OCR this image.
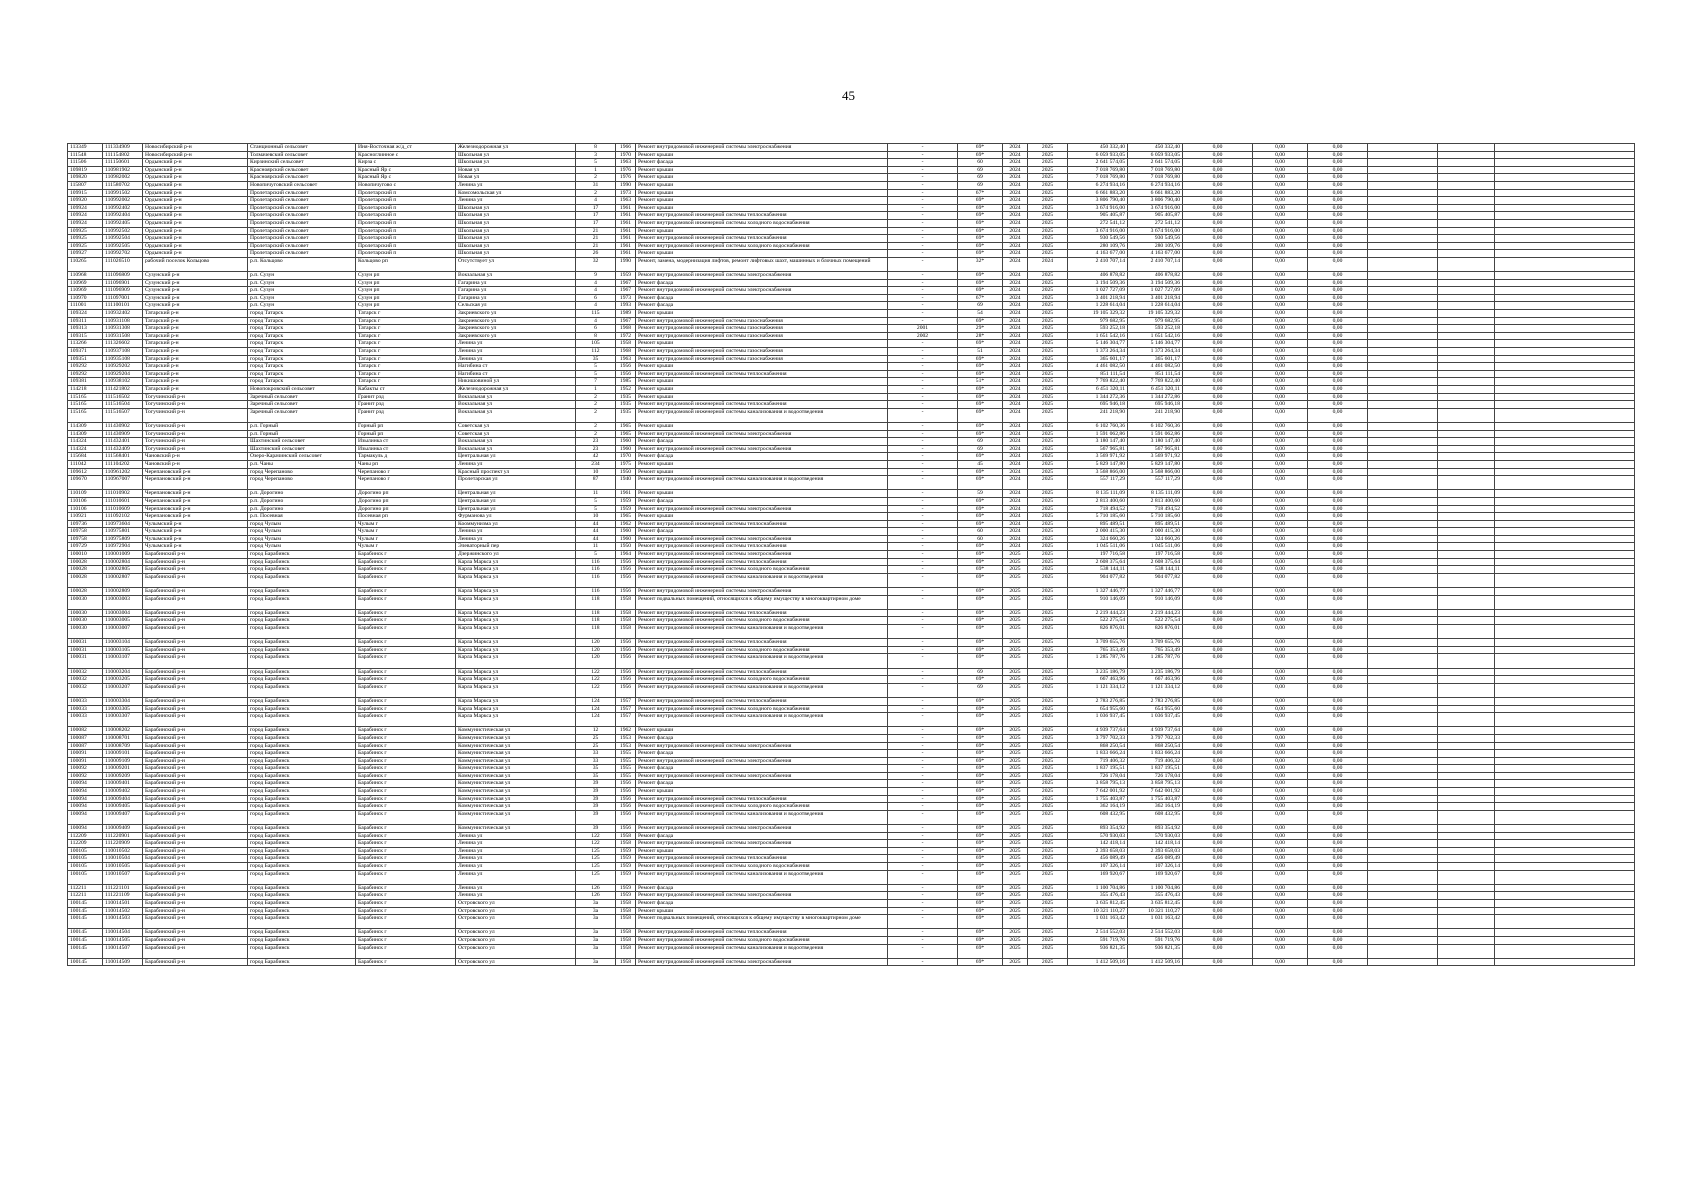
45
113349	111334909	Новосибирский р-н	Станционный сельсовет	Иня-Восточная ж/д_ст	Железнодорожная ул	8	1966	Ремонт внутридомовой инженерной системы электроснабжения	-	69*	2024	2025	450 332,40	450 332,40	0,00	0,00	0,00			
111548	111154802	Новосибирский р-н	Толмачевский сельсовет	Красноглинное с	Школьная ул	3	1970	Ремонт крыши	-	69*	2024	2025	6 059 933,05	6 059 933,05	0,00	0,00	0,00			
111506	111150601	Ордынский р-н	Кирзинский сельсовет	Кирза с	Школьная ул	5	1963	Ремонт фасада	-	60	2024	2025	2 641 574,05	2 641 574,05	0,00	0,00	0,00			
109819	110981902	Ордынский р-н	Красноярский сельсовет	Красный Яр с	Новая ул	1	1976	Ремонт крыши	-	69	2024	2025	7 018 769,80	7 018 769,80	0,00	0,00	0,00			
109820	110982002	Ордынский р-н	Красноярский сельсовет	Красный Яр с	Новая ул	2	1976	Ремонт крыши	-	69	2024	2025	7 018 769,80	7 018 769,80	0,00	0,00	0,00			
115807	111580702	Ордынский р-н	Новопичуговский сельсовет	Новопичугово с	Ленина ул	31	1990	Ремонт крыши	-	69	2024	2025	6 274 934,16	6 274 934,16	0,00	0,00	0,00			
109915	110991502	Ордынский р-н	Пролетарский сельсовет	Пролетарский п	Комсомольская ул	2	1973	Ремонт крыши	-	67*	2024	2025	6 661 883,20	6 661 883,20	0,00	0,00	0,00			
109920	110992002	Ордынский р-н	Пролетарский сельсовет	Пролетарский п	Ленина ул	4	1963	Ремонт крыши	-	69*	2024	2025	3 806 790,40	3 806 790,40	0,00	0,00	0,00			
109924	110992402	Ордынский р-н	Пролетарский сельсовет	Пролетарский п	Школьная ул	17	1961	Ремонт крыши	-	69*	2024	2025	3 674 916,00	3 674 916,00	0,00	0,00	0,00			
109924	110992404	Ордынский р-н	Пролетарский сельсовет	Пролетарский п	Школьная ул	17	1961	Ремонт внутридомовой инженерной системы теплоснабжения	-	69*	2024	2025	905 405,87	905 405,87	0,00	0,00	0,00			
109924	110992405	Ордынский р-н	Пролетарский сельсовет	Пролетарский п	Школьная ул	17	1961	Ремонт внутридомовой инженерной системы холодного водоснабжения	-	69*	2024	2025	272 541,12	272 541,12	0,00	0,00	0,00			
109925	110992502	Ордынский р-н	Пролетарский сельсовет	Пролетарский п	Школьная ул	21	1961	Ремонт крыши	-	69*	2024	2025	3 674 916,00	3 674 916,00	0,00	0,00	0,00			
109925	110992504	Ордынский р-н	Пролетарский сельсовет	Пролетарский п	Школьная ул	21	1961	Ремонт внутридомовой инженерной системы теплоснабжения	-	69*	2024	2025	930 549,56	930 549,56	0,00	0,00	0,00			
109925	110992505	Ордынский р-н	Пролетарский сельсовет	Пролетарский п	Школьная ул	21	1961	Ремонт внутридомовой инженерной системы холодного водоснабжения	-	69*	2024	2025	280 109,76	280 109,76	0,00	0,00	0,00			
109927	110992702	Ордынский р-н	Пролетарский сельсовет	Пролетарский п	Школьная ул	26	1961	Ремонт крыши	-	69*	2024	2025	4 163 677,00	4 163 677,00	0,00	0,00	0,00			
110265	111026510	рабочий поселок Кольцово	р.п. Кольцово	Кольцово рп	Отсутствует ул	32	1990	Ремонт, замена, модернизация лифтов, ремонт лифтовых шахт, машинных и блочных помещений	-	32*	2024	2024	2 410 707,14	2 410 707,14	0,00	0,00	0,00			
110968	111096809	Сузунский р-н	р.п. Сузун	Сузун рп	Вокзальная ул	9	1959	Ремонт внутридомовой инженерной системы электроснабжения	-	69*	2024	2025	406 878,82	406 878,82	0,00	0,00	0,00			
110969	111096901	Сузунский р-н	р.п. Сузун	Сузун рп	Гагарина ул	4	1967	Ремонт фасада	-	69*	2024	2025	3 194 509,36	3 194 509,36	0,00	0,00	0,00			
110969	111096909	Сузунский р-н	р.п. Сузун	Сузун рп	Гагарина ул	4	1967	Ремонт внутридомовой инженерной системы электроснабжения	-	69*	2024	2025	1 027 727,09	1 027 727,09	0,00	0,00	0,00			
110970	111097001	Сузунский р-н	р.п. Сузун	Сузун рп	Гагарина ул	6	1973	Ремонт фасада	-	67*	2024	2025	3 401 218,94	3 401 218,94	0,00	0,00	0,00			
111001	111100101	Сузунский р-н	р.п. Сузун	Сузун рп	Сельская ул	4	1993	Ремонт фасада	-	69	2024	2025	1 228 614,04	1 228 614,04	0,00	0,00	0,00			
109324	110932402	Татарский р-н	город Татарск	Татарск г	Закриевского ул	115	1989	Ремонт крыши	-	54	2024	2025	19 105 329,32	19 105 329,32	0,00	0,00	0,00			
109311	110931108	Татарский р-н	город Татарск	Татарск г	Закриевского ул	4	1967	Ремонт внутридомовой инженерной системы газоснабжения	-	69*	2024	2025	979 682,95	979 682,95	0,00	0,00	0,00			
109313	110931308	Татарский р-н	город Татарск	Татарск г	Закриевского ул	6	1968	Ремонт внутридомовой инженерной системы газоснабжения	2001	29*	2024	2025	593 252,18	593 252,18	0,00	0,00	0,00			
109315	110931508	Татарский р-н	город Татарск	Татарск г	Закриевского ул	8	1972	Ремонт внутридомовой инженерной системы газоснабжения	2002	28*	2024	2025	1 651 542,16	1 651 542,16	0,00	0,00	0,00			
113266	111326602	Татарский р-н	город Татарск	Татарск г	Ленина ул	105	1958	Ремонт крыши	-	69*	2024	2025	5 146 304,77	5 146 304,77	0,00	0,00	0,00			
109371	110937108	Татарский р-н	город Татарск	Татарск г	Ленина ул	112	1968	Ремонт внутридомовой инженерной системы газоснабжения	-	51	2024	2025	1 373 264,34	1 373 264,34	0,00	0,00	0,00			
109351	110935108	Татарский р-н	город Татарск	Татарск г	Ленина ул	35	1963	Ремонт внутридомовой инженерной системы газоснабжения	-	69*	2024	2025	365 601,17	365 601,17	0,00	0,00	0,00			
109292	110929202	Татарский р-н	город Татарск	Татарск г	Нагибина ст	5	1956	Ремонт крыши	-	69*	2024	2025	4 461 082,50	4 461 082,50	0,00	0,00	0,00			
109292	110929204	Татарский р-н	город Татарск	Татарск г	Нагибина ст	5	1956	Ремонт внутридомовой инженерной системы теплоснабжения	-	69*	2024	2025	851 111,54	851 111,54	0,00	0,00	0,00			
109381	110938102	Татарский р-н	город Татарск	Татарск г	Никишовиной ул	7	1985	Ремонт крыши	-	51*	2024	2025	7 769 822,40	7 769 822,40	0,00	0,00	0,00			
114218	111421802	Татарский р-н	Новопокровский сельсовет	Кабакты ст	Железнодорожная ул	1	1952	Ремонт крыши	-	69*	2024	2025	6 451 320,11	6 451 320,11	0,00	0,00	0,00			
115165	111516502	Тогучинский р-н	Заречный сельсовет	Гранит рзд	Вокзальная ул	2	1935	Ремонт крыши	-	69*	2024	2025	1 344 272,36	1 344 272,86	0,00	0,00	0,00			
115165	111516504	Тогучинский р-н	Заречный сельсовет	Гранит рзд	Вокзальная ул	2	1935	Ремонт внутридомовой инженерной системы теплоснабжения	-	69*	2024	2025	695 946,18	695 946,18	0,00	0,00	0,00			
115165	111516507	Тогучинский р-н	Заречный сельсовет	Гранит рзд	Вокзальная ул	2	1935	Ремонт внутридомовой инженерной системы канализования и водоотведения	-	69*	2024	2025	241 218,90	241 218,90	0,00	0,00	0,00			
114309	111430902	Тогучинский р-н	р.п. Горный	Горный рп	Советская ул	2	1965	Ремонт крыши	-	69*	2024	2025	6 102 760,36	6 102 760,36	0,00	0,00	0,00			
114309	111430909	Тогучинский р-н	р.п. Горный	Горный рп	Советская ул	2	1965	Ремонт внутридомовой инженерной системы электроснабжения	-	69*	2024	2025	1 591 062,86	1 591 062,86	0,00	0,00	0,00			
114324	111432401	Тогучинский р-н	Шахтинский сельсовет	Изылинка ст	Вокзальная ул	23	1960	Ремонт фасада	-	69	2024	2025	3 180 147,40	3 180 147,40	0,00	0,00	0,00			
114324	111432409	Тогучинский р-н	Шахтинский сельсовет	Изылинка ст	Вокзальная ул	23	1960	Ремонт внутридомовой инженерной системы электроснабжения	-	69	2024	2025	567 965,81	567 965,81	0,00	0,00	0,00			
115684	111568401	Чановский р-н	Озеро-Карачинский сельсовет	Тармакуль д	Центральная ул	42	1970	Ремонт фасада	-	69*	2024	2025	3 569 971,92	3 569 971,92	0,00	0,00	0,00			
111042	111104202	Чановский р-н	р.п. Чаны	Чаны рп	Ленина ул	234	1975	Ремонт крыши	-	45	2024	2025	5 829 147,80	5 829 147,80	0,00	0,00	0,00			
109612	110961202	Черепановский р-н	город Черепаново	Черепаново г	Красный проспект ул	10	1950	Ремонт крыши	-	69*	2024	2025	3 568 866,00	3 568 866,00	0,00	0,00	0,00			
109670	110967007	Черепановский р-н	город Черепаново	Черепаново г	Пролетарская ул	87	1940	Ремонт внутридомовой инженерной системы канализования и водоотведения	-	69*	2024	2025	557 117,29	557 117,29	0,00	0,00	0,00			
110109	111010902	Черепановский р-н	р.п. Дорогино	Дорогино рп	Центральная ул	11	1961	Ремонт крыши	-	59	2024	2025	8 135 111,09	8 135 111,09	0,00	0,00	0,00			
110106	111010601	Черепановский р-н	р.п. Дорогино	Дорогино рп	Центральная ул	5	1959	Ремонт фасада	-	69*	2024	2025	2 813 400,60	2 813 400,60	0,00	0,00	0,00			
110106	111010609	Черепановский р-н	р.п. Дорогино	Дорогино рп	Центральная ул	5	1959	Ремонт внутридомовой инженерной системы электроснабжения	-	69*	2024	2025	718 494,52	718 494,52	0,00	0,00	0,00			
110921	111092102	Черепановский р-н	р.п. Посевная	Посевная рп	Фурманова ул	10	1965	Ремонт крыши	-	69*	2024	2025	5 710 185,60	5 710 185,60	0,00	0,00	0,00			
109736	110973604	Чулымский р-н	город Чулым	Чулым г	Кооммунизма ул	44	1962	Ремонт внутридомовой инженерной системы теплоснабжения	-	69*	2024	2025	895 489,51	895 489,51	0,00	0,00	0,00			
109758	110975801	Чулымский р-н	город Чулым	Чулым г	Ленина ул	44	1960	Ремонт фасада	-	60	2024	2025	2 000 415,30	2 000 415,30	0,00	0,00	0,00			
109758	110975809	Чулымский р-н	город Чулым	Чулым г	Ленина ул	44	1960	Ремонт внутридомовой инженерной системы электроснабжения	-	60	2024	2025	324 660,26	324 660,26	0,00	0,00	0,00			
109729	110972904	Чулымский р-н	город Чулым	Чулым г	Элеваторный пер	11	1950	Ремонт внутридомовой инженерной системы теплоснабжения	-	69*	2024	2025	1 045 511,06	1 045 511,06	0,00	0,00	0,00			
100010	110001009	Барабинский р-н	город Барабинск	Барабинск г	Дзержинского ул	5	1964	Ремонт внутридомовой инженерной системы электроснабжения	-	69*	2025	2025	197 716,58	197 716,58	0,00	0,00	0,00			
100028	110002804	Барабинский р-н	город Барабинск	Барабинск г	Карла Маркса ул	116	1956	Ремонт внутридомовой инженерной системы теплоснабжения	-	69*	2025	2025	2 608 375,64	2 608 375,64	0,00	0,00	0,00			
100028	110002805	Барабинский р-н	город Барабинск	Барабинск г	Карла Маркса ул	116	1956	Ремонт внутридомовой инженерной системы холодного водоснабжения	-	69*	2025	2025	538 144,11	538 144,11	0,00	0,00	0,00			
100028	110002807	Барабинский р-н	город Барабинск	Барабинск г	Карла Маркса ул	116	1956	Ремонт внутридомовой инженерной системы канализования и водоотведения	-	69*	2025	2025	904 077,82	904 077,82	0,00	0,00	0,00			
100028	110002809	Барабинский р-н	город Барабинск	Барабинск г	Карла Маркса ул	116	1956	Ремонт внутридомовой инженерной системы электроснабжения	-	69*	2025	2025	1 327 446,77	1 327 446,77	0,00	0,00	0,00			
100030	110003003	Барабинский р-н	город Барабинск	Барабинск г	Карла Маркса ул	118	1958	Ремонт подвальных помещений, относящихся к общему имуществу в многоквартирном доме	-	69*	2025	2025	910 146,09	910 146,09	0,00	0,00	0,00			
100030	110003004	Барабинский р-н	город Барабинск	Барабинск г	Карла Маркса ул	118	1958	Ремонт внутридомовой инженерной системы теплоснабжения	-	69*	2025	2025	2 219 444,23	2 219 444,23	0,00	0,00	0,00			
100030	110003005	Барабинский р-н	город Барабинск	Барабинск г	Карла Маркса ул	118	1958	Ремонт внутридомовой инженерной системы холодного водоснабжения	-	69*	2025	2025	522 275,54	522 275,54	0,00	0,00	0,00			
100030	110003007	Барабинский р-н	город Барабинск	Барабинск г	Карла Маркса ул	118	1958	Ремонт внутридомовой инженерной системы канализования и водоотведения	-	69*	2025	2025	826 876,01	826 876,01	0,00	0,00	0,00			
100031	110003104	Барабинский р-н	город Барабинск	Барабинск г	Карла Маркса ул	120	1956	Ремонт внутридомовой инженерной системы теплоснабжения	-	69*	2025	2025	3 709 655,76	3 709 655,76	0,00	0,00	0,00			
100031	110003105	Барабинский р-н	город Барабинск	Барабинск г	Карла Маркса ул	120	1956	Ремонт внутридомовой инженерной системы холодного водоснабжения	-	69*	2025	2025	765 353,49	765 353,49	0,00	0,00	0,00			
100031	110003107	Барабинский р-н	город Барабинск	Барабинск г	Карла Маркса ул	120	1956	Ремонт внутридомовой инженерной системы канализования и водоотведения	-	69*	2025	2025	1 285 787,76	1 285 787,76	0,00	0,00	0,00			
100032	110003204	Барабинский р-н	город Барабинск	Барабинск г	Карла Маркса ул	122	1956	Ремонт внутридомовой инженерной системы теплоснабжения	-	69	2025	2025	3 235 186,79	3 235 186,79	0,00	0,00	0,00			
100032	110003205	Барабинский р-н	город Барабинск	Барабинск г	Карла Маркса ул	122	1956	Ремонт внутридомовой инженерной системы холодного водоснабжения	-	69*	2025	2025	667 463,96	667 463,96	0,00	0,00	0,00			
100032	110003207	Барабинский р-н	город Барабинск	Барабинск г	Карла Маркса ул	122	1956	Ремонт внутридомовой инженерной системы канализования и водоотведения	-	69	2025	2025	1 121 334,12	1 121 334,12	0,00	0,00	0,00			
100033	110003304	Барабинский р-н	город Барабинск	Барабинск г	Карла Маркса ул	124	1957	Ремонт внутридомовой инженерной системы теплоснабжения	-	69*	2025	2025	2 783 276,85	2 783 276,85	0,00	0,00	0,00			
100033	110003305	Барабинский р-н	город Барабинск	Барабинск г	Карла Маркса ул	124	1957	Ремонт внутридомовой инженерной системы холодного водоснабжения	-	69*	2025	2025	654 955,60	654 955,60	0,00	0,00	0,00			
100033	110003307	Барабинский р-н	город Барабинск	Барабинск г	Карла Маркса ул	124	1957	Ремонт внутридомовой инженерной системы канализования и водоотведения	-	69*	2025	2025	1 036 937,45	1 036 937,45	0,00	0,00	0,00			
100082	110008202	Барабинский р-н	город Барабинск	Барабинск г	Коммунистическая ул	12	1962	Ремонт крыши	-	69*	2025	2025	4 939 737,64	4 939 737,64	0,00	0,00	0,00			
100087	110008701	Барабинский р-н	город Барабинск	Барабинск г	Коммунистическая ул	25	1953	Ремонт фасада	-	69*	2025	2025	3 797 702,33	3 797 702,33	0,00	0,00	0,00			
100087	110008709	Барабинский р-н	город Барабинск	Барабинск г	Коммунистическая ул	25	1953	Ремонт внутридомовой инженерной системы электроснабжения	-	69*	2025	2025	868 250,54	868 250,54	0,00	0,00	0,00			
100091	110009101	Барабинский р-н	город Барабинск	Барабинск г	Коммунистическая ул	33	1955	Ремонт фасада	-	69*	2025	2025	1 833 666,24	1 833 666,24	0,00	0,00	0,00			
100091	110009109	Барабинский р-н	город Барабинск	Барабинск г	Коммунистическая ул	33	1955	Ремонт внутридомовой инженерной системы электроснабжения	-	69*	2025	2025	719 406,32	719 406,32	0,00	0,00	0,00			
100092	110009201	Барабинский р-н	город Барабинск	Барабинск г	Коммунистическая ул	35	1955	Ремонт фасада	-	69*	2025	2025	1 837 195,51	1 837 195,51	0,00	0,00	0,00			
100092	110009209	Барабинский р-н	город Барабинск	Барабинск г	Коммунистическая ул	35	1955	Ремонт внутридомовой инженерной системы электроснабжения	-	69*	2025	2025	726 178,04	726 178,04	0,00	0,00	0,00			
100094	110009401	Барабинский р-н	город Барабинск	Барабинск г	Коммунистическая ул	39	1956	Ремонт фасада	-	69*	2025	2025	3 858 795,13	3 858 795,13	0,00	0,00	0,00			
100094	110009402	Барабинский р-н	город Барабинск	Барабинск г	Коммунистическая ул	39	1956	Ремонт крыши	-	69*	2025	2025	7 642 001,92	7 642 001,92	0,00	0,00	0,00			
100094	110009404	Барабинский р-н	город Барабинск	Барабинск г	Коммунистическая ул	39	1956	Ремонт внутридомовой инженерной системы теплоснабжения	-	69*	2025	2025	1 755 403,87	1 755 403,87	0,00	0,00	0,00			
100094	110009405	Барабинский р-н	город Барабинск	Барабинск г	Коммунистическая ул	39	1956	Ремонт внутридомовой инженерной системы холодного водоснабжения	-	69*	2025	2025	362 164,19	362 164,19	0,00	0,00	0,00			
100094	110009407	Барабинский р-н	город Барабинск	Барабинск г	Коммунистическая ул	39	1956	Ремонт внутридомовой инженерной системы канализования и водоотведения	-	69*	2025	2025	608 432,95	608 432,95	0,00	0,00	0,00			
100094	110009409	Барабинский р-н	город Барабинск	Барабинск г	Коммунистическая ул	39	1956	Ремонт внутридомовой инженерной системы электроснабжения	-	69*	2025	2025	893 354,92	893 354,92	0,00	0,00	0,00			
112209	111220901	Барабинский р-н	город Барабинск	Барабинск г	Ленина ул	122	1958	Ремонт фасада	-	69*	2025	2025	570 930,03	570 930,03	0,00	0,00	0,00			
112209	111220909	Барабинский р-н	город Барабинск	Барабинск г	Ленина ул	122	1958	Ремонт внутридомовой инженерной системы электроснабжения	-	69*	2025	2025	142 418,14	142 418,14	0,00	0,00	0,00			
100105	110010502	Барабинский р-н	город Барабинск	Барабинск г	Ленина ул	125	1959	Ремонт крыши	-	69*	2025	2025	2 393 658,03	2 393 658,03	0,00	0,00	0,00			
100105	110010504	Барабинский р-н	город Барабинск	Барабинск г	Ленина ул	125	1959	Ремонт внутридомовой инженерной системы теплоснабжения	-	69*	2025	2025	456 089,49	456 089,49	0,00	0,00	0,00			
100105	110010505	Барабинский р-н	город Барабинск	Барабинск г	Ленина ул	125	1959	Ремонт внутридомовой инженерной системы холодного водоснабжения	-	69*	2025	2025	107 326,14	107 326,14	0,00	0,00	0,00			
100105	110010507	Барабинский р-н	город Барабинск	Барабинск г	Ленина ул	125	1959	Ремонт внутридомовой инженерной системы канализования и водоотведения	-	69*	2025	2025	169 920,67	169 920,67	0,00	0,00	0,00			
112211	111221101	Барабинский р-н	город Барабинск	Барабинск г	Ленина ул	126	1959	Ремонт фасада	-	69*	2025	2025	1 100 704,86	1 100 704,86	0,00	0,00	0,00			
112211	111221109	Барабинский р-н	город Барабинск	Барабинск г	Ленина ул	126	1959	Ремонт внутридомовой инженерной системы электроснабжения	-	69*	2025	2025	355 476,43	355 476,43	0,00	0,00	0,00			
100145	110014501	Барабинский р-н	город Барабинск	Барабинск г	Островского ул	3а	1958	Ремонт фасада	-	69*	2025	2025	3 635 812,45	3 635 812,45	0,00	0,00	0,00			
100145	110014502	Барабинский р-н	город Барабинск	Барабинск г	Островского ул	3а	1958	Ремонт крыши	-	69*	2025	2025	10 321 110,27	10 321 110,27	0,00	0,00	0,00			
100145	110014503	Барабинский р-н	город Барабинск	Барабинск г	Островского ул	3а	1958	Ремонт подвальных помещений, относящихся к общему имуществу в многоквартирном доме	-	69*	2025	2025	1 031 163,42	1 031 163,42	0,00	0,00	0,00			
100145	110014504	Барабинский р-н	город Барабинск	Барабинск г	Островского ул	3а	1958	Ремонт внутридомовой инженерной системы теплоснабжения	-	69*	2025	2025	2 514 552,03	2 514 552,03	0,00	0,00	0,00			
100145	110014505	Барабинский р-н	город Барабинск	Барабинск г	Островского ул	3а	1958	Ремонт внутридомовой инженерной системы холодного водоснабжения	-	69*	2025	2025	591 719,76	591 719,76	0,00	0,00	0,00			
100145	110014507	Барабинский р-н	город Барабинск	Барабинск г	Островского ул	3а	1958	Ремонт внутридомовой инженерной системы канализования и водоотведения	-	69*	2025	2025	936 821,35	936 821,35	0,00	0,00	0,00			
100145	110014509	Барабинский р-н	город Барабинск	Барабинск г	Островского ул	3а	1958	Ремонт внутридомовой инженерной системы электроснабжения	-	69*	2025	2025	1 412 509,16	1 412 509,16	0,00	0,00	0,00			
